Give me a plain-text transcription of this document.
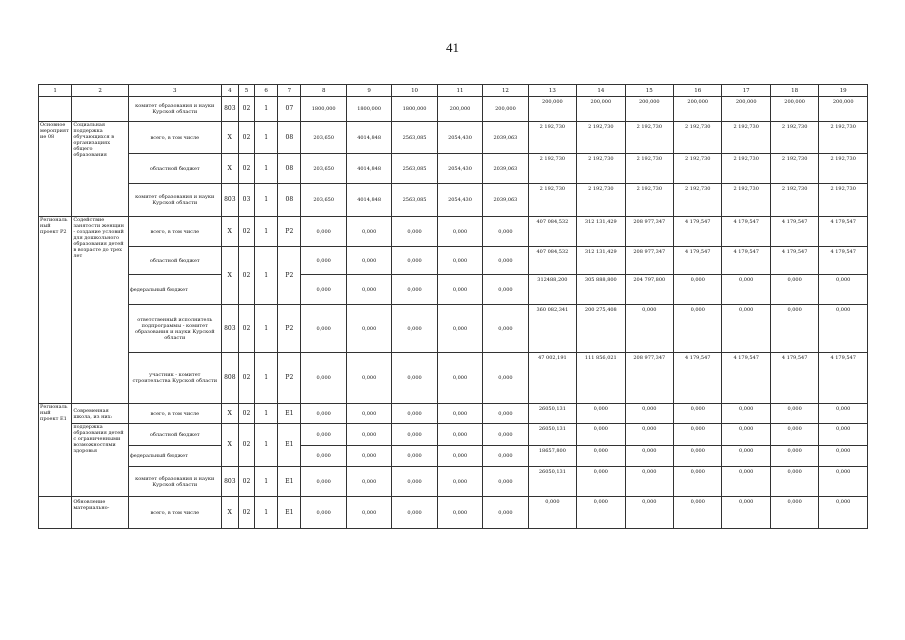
41
1	2	3	4	5	6	7	8	9	10	11	12	13	14	15	16	17	18	19
		комитет образования и науки Курской области	803	02	1	07	1800,000	1800,000	1800,000	200,000	200,000	200,000	200,000	200,000	200,000	200,000	200,000	200,000
Основное мероприятие 08	Социальная поддержка обучающихся в организациях общего образования	всего, в том числе	Х	02	1	08	203,650	4014,848	2563,085	2054,430	2039,063	2 192,730	2 192,730	2 192,730	2 192,730	2 192,730	2 192,730	2 192,730
		областной бюджет	Х	02	1	08	203,650	4014,848	2563,085	2054,430	2039,063	2 192,730	2 192,730	2 192,730	2 192,730	2 192,730	2 192,730	2 192,730
		комитет образования и науки Курской области	803	03	1	08	203,650	4014,848	2563,085	2054,430	2039,063	2 192,730	2 192,730	2 192,730	2 192,730	2 192,730	2 192,730	2 192,730
Региональный проект Р2	Содействие занятости женщин - создание условий для дошкольного образования детей в возрасте до трех лет	всего, в том числе	Х	02	1	Р2	0,000	0,000	0,000	0,000	0,000	407 084,532	312 131,429	208 977,347	4 179,547	4 179,547	4 179,547	4 179,547
		областной бюджет	Х	02	1	Р2	0,000	0,000	0,000	0,000	0,000	407 084,532	312 131,429	208 977,347	4 179,547	4 179,547	4 179,547	4 179,547
		федеральный бюджет					0,000	0,000	0,000	0,000	0,000	312488,200	305 888,800	204 797,800	0,000	0,000	0,000	0,000
		ответственный исполнитель подпрограммы - комитет образования и науки Курской области	803	02	1	Р2	0,000	0,000	0,000	0,000	0,000	360 082,341	200 275,408	0,000	0,000	0,000	0,000	0,000
		участник - комитет строительства Курской области	808	02	1	Р2	0,000	0,000	0,000	0,000	0,000	47 002,191	111 856,021	208 977,347	4 179,547	4 179,547	4 179,547	4 179,547
Региональный проект Е1	Современная школа, из них:	всего, в том числе	Х	02	1	Е1	0,000	0,000	0,000	0,000	0,000	26050,131	0,000	0,000	0,000	0,000	0,000	0,000
	поддержка образования детей с ограниченными возможностями здоровья	областной бюджет	Х	02	1	Е1	0,000	0,000	0,000	0,000	0,000	26050,131	0,000	0,000	0,000	0,000	0,000	0,000
		федеральный бюджет					0,000	0,000	0,000	0,000	0,000	18657,800	0,000	0,000	0,000	0,000	0,000	0,000
		комитет образования и науки Курской области	803	02	1	Е1	0,000	0,000	0,000	0,000	0,000	26050,131	0,000	0,000	0,000	0,000	0,000	0,000
	Обновление материально-	всего, в том числе	Х	02	1	Е1	0,000	0,000	0,000	0,000	0,000	0,000	0,000	0,000	0,000	0,000	0,000	0,000
